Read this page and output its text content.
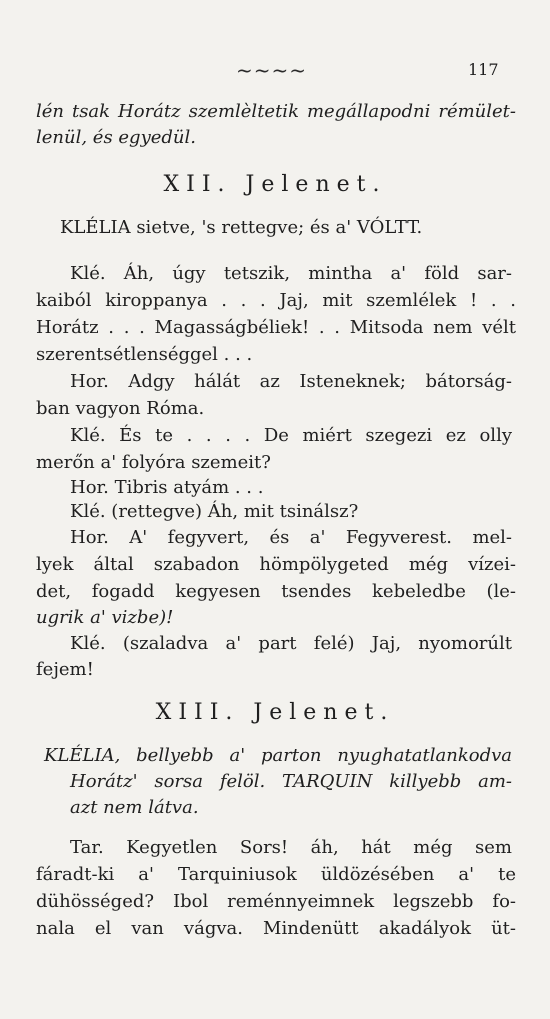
~~~~	117
lén tsak Horátz szemlèltetik megállapodni rémület-
lenül, és egyedül.
XII. Jelenet.
KLÉLIA sietve, 's rettegve; és a' VÓLTT.
Klé. Áh, úgy tetszik, mintha a' föld sar-
kaiból kiroppanya . . . Jaj, mit szemlélek ! . .
Horátz . . . Magasságbéliek! . . Mitsoda nem vélt
szerentsétlenséggel . . .
Hor. Adgy hálát az Isteneknek; bátorság-
ban vagyon Róma.
Klé. És te . . . . De miért szegezi ez olly
merőn a' folyóra szemeit?
Hor. Tibris atyám . . .
Klé. (rettegve) Áh, mit tsinálsz?
Hor. A' fegyvert, és a' Fegyverest. mel-
lyek által szabadon hömpölygeted még vízei-
det, fogadd kegyesen tsendes kebeledbe (le-
ugrik a' vizbe)!
Klé. (szaladva a' part felé) Jaj, nyomorúlt
fejem!
XIII. Jelenet.
KLÉLIA, bellyebb a' parton nyughatatlankodva
Horátz' sorsa felöl. TARQUIN killyebb am-
azt nem látva.
Tar. Kegyetlen Sors! áh, hát még sem
fáradt-ki a' Tarquiniusok üldözésében a' te
dühösséged? Ibol reménnyeimnek legszebb fo-
nala el van vágva. Mindenütt akadályok üt-
